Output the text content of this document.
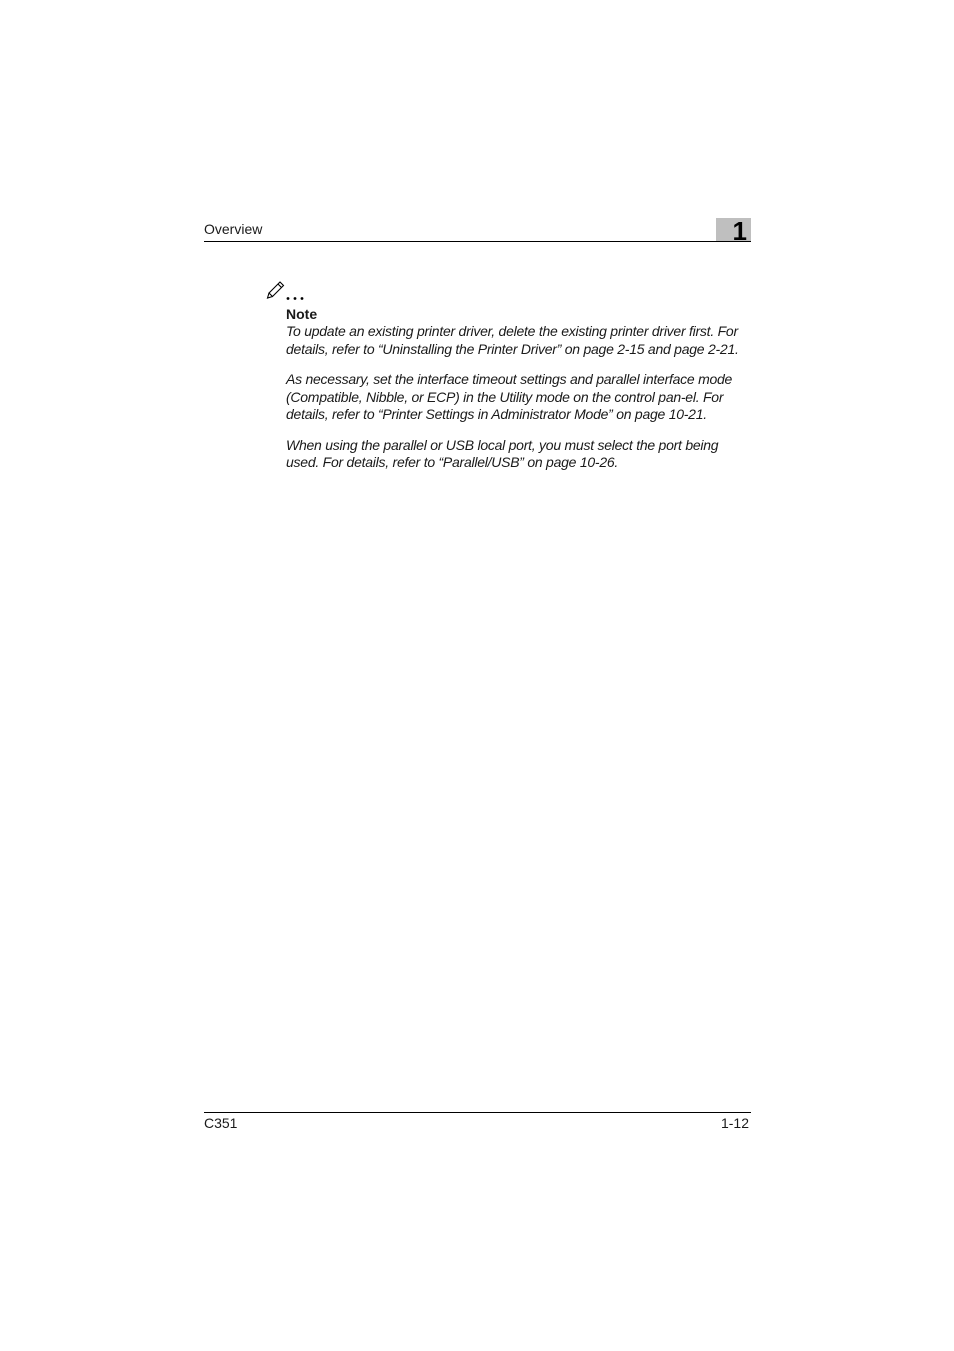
Overview	1
Note

To update an existing printer driver, delete the existing printer driver first. For details, refer to “Uninstalling the Printer Driver” on page 2-15 and page 2-21.

As necessary, set the interface timeout settings and parallel interface mode (Compatible, Nibble, or ECP) in the Utility mode on the control pan-el. For details, refer to “Printer Settings in Administrator Mode” on page 10-21.

When using the parallel or USB local port, you must select the port being used. For details, refer to “Parallel/USB” on page 10-26.

C351	1-12
